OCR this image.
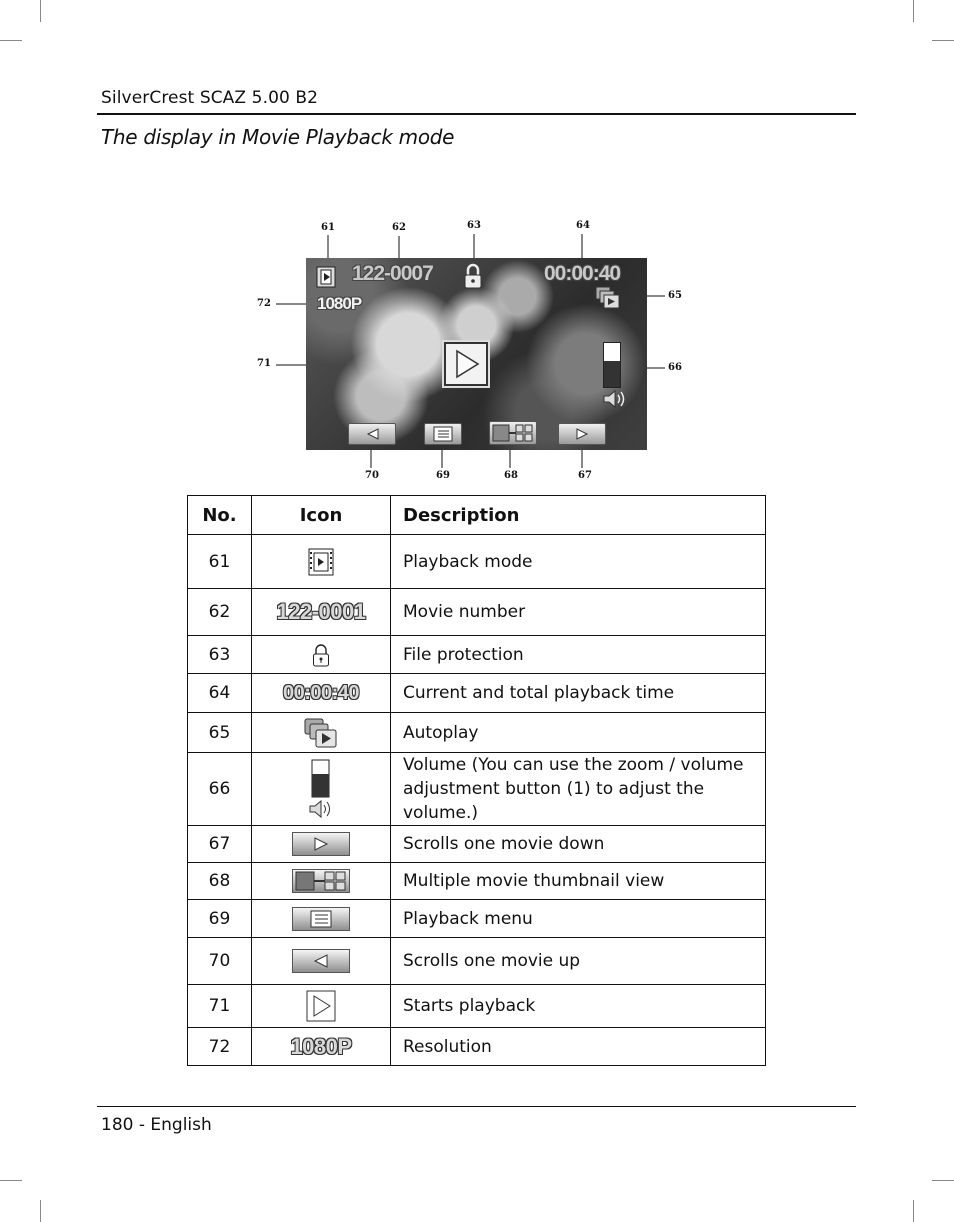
SilverCrest SCAZ 5.00 B2
The display in Movie Playback mode
61	62	63	64
65
66
67
68
69
70
71
72
122-0007	00:00:40
1080P
No.	Icon	Description
61		Playback mode
62	122-0001	Movie number
63		File protection
64	00:00:40	Current and total playback time
65		Autoplay
66		Volume (You can use the zoom / volume adjustment button (1) to adjust the volume.)
67		Scrolls one movie down
68		Multiple movie thumbnail view
69		Playback menu
70		Scrolls one movie up
71		Starts playback
72	1080P	Resolution
180 - English
